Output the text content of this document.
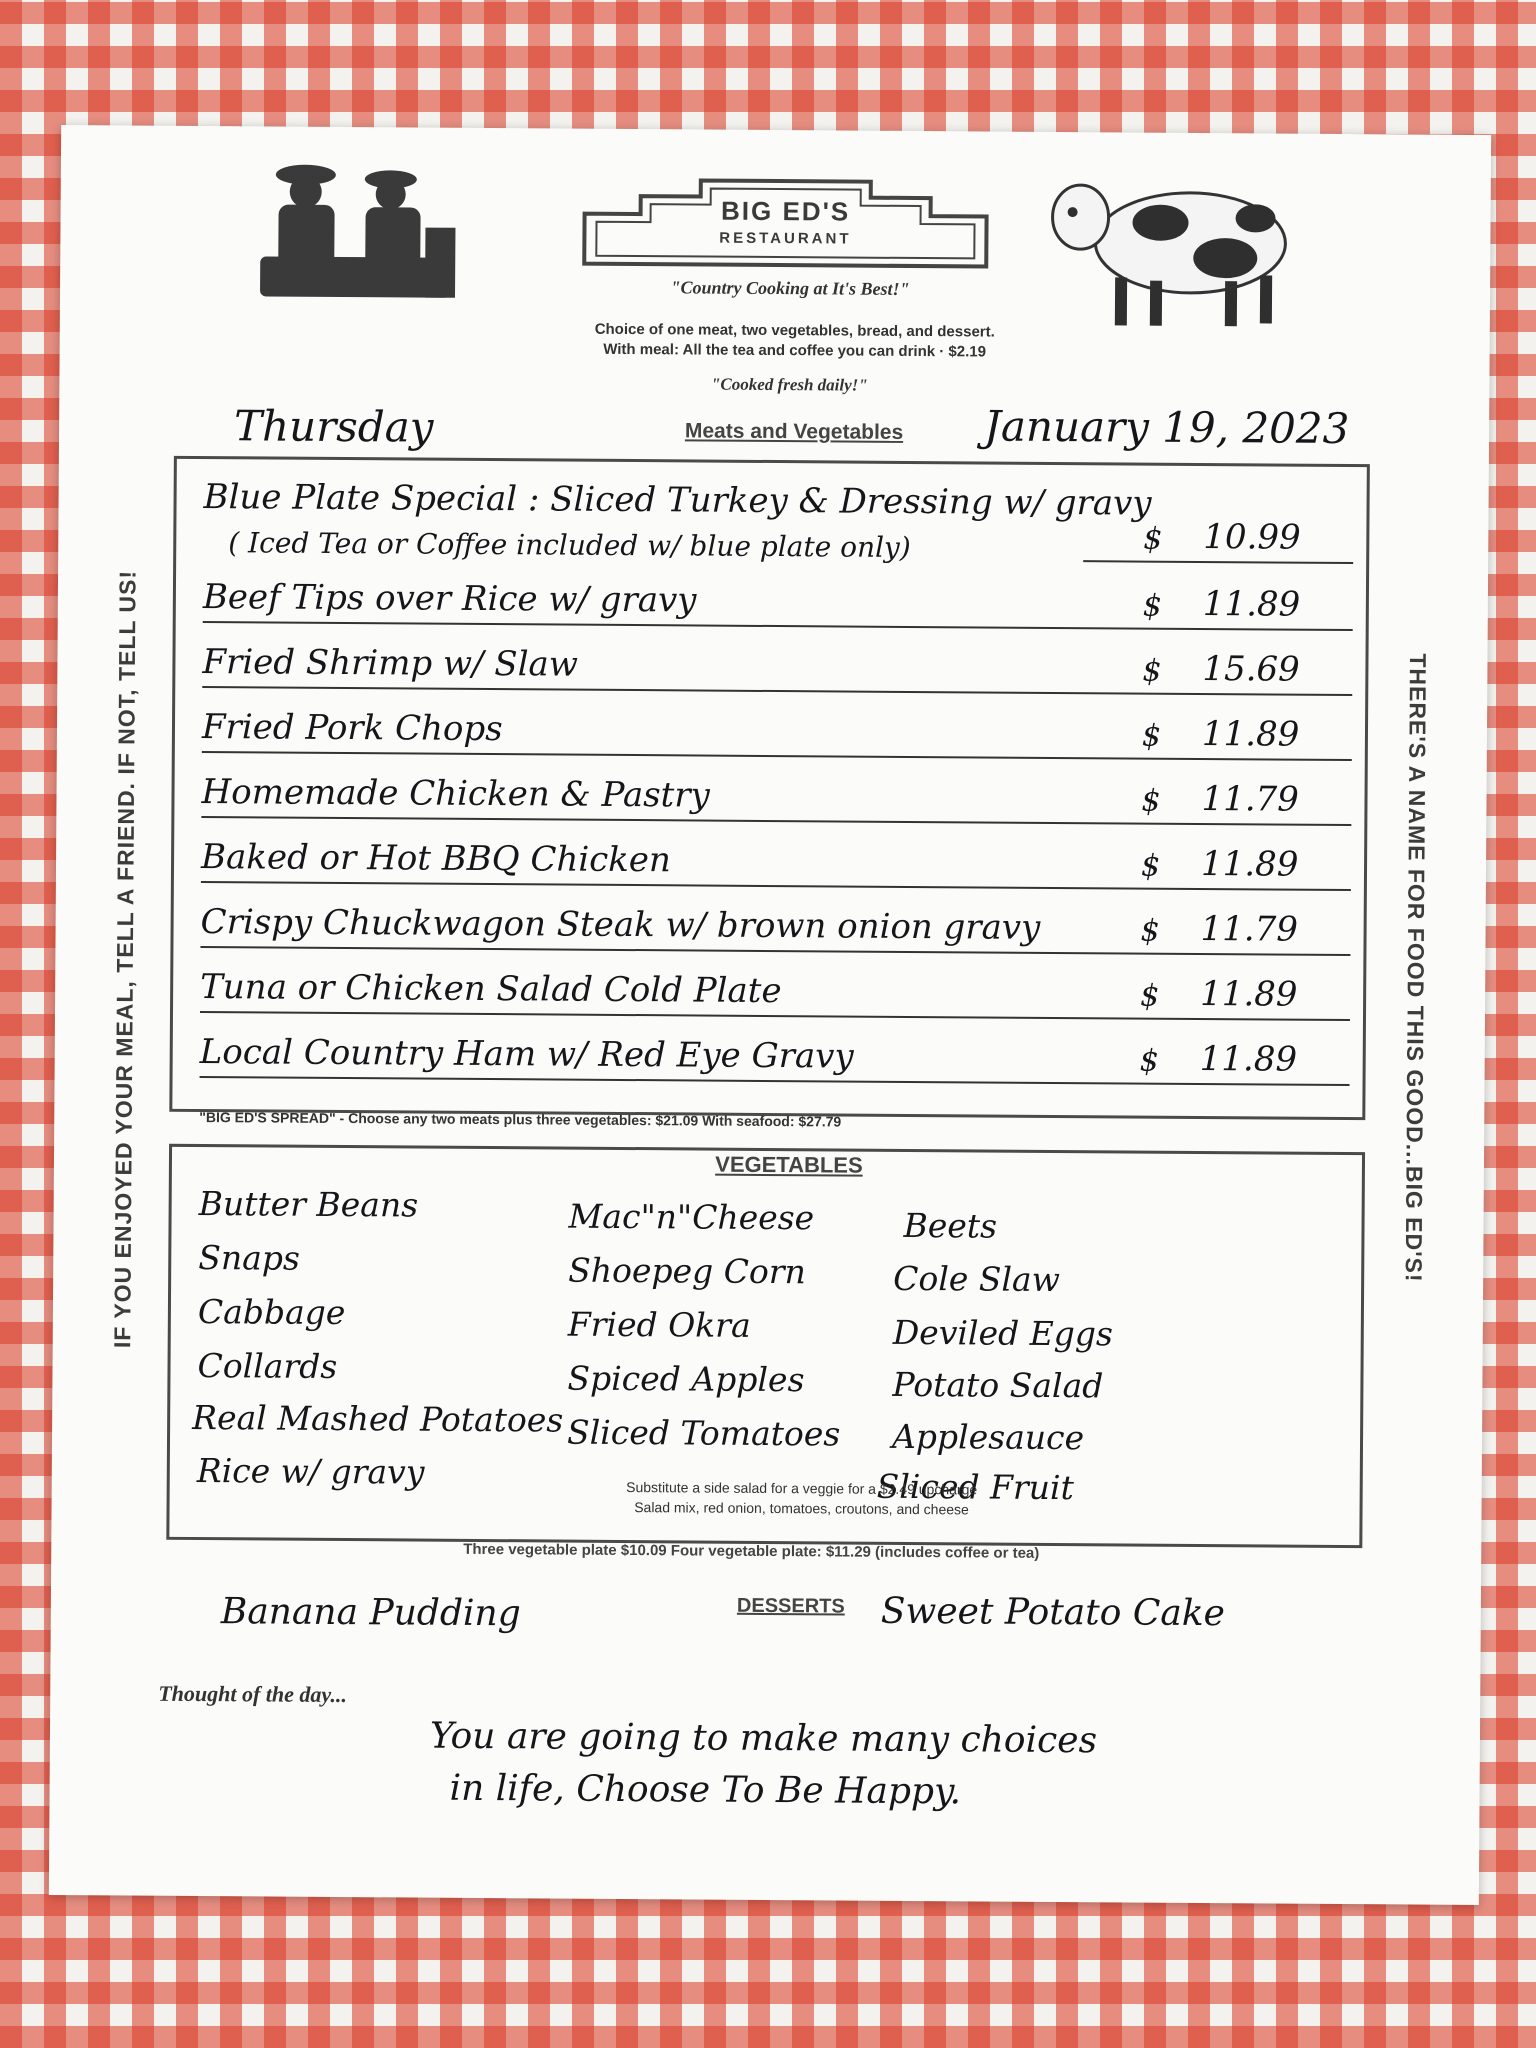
BIG ED'S
RESTAURANT
"Country Cooking at It's Best!"
Choice of one meat, two vegetables, bread, and dessert.
With meal: All the tea and coffee you can drink · $2.19
"Cooked fresh daily!"
Thursday	Meats and Vegetables	January 19, 2023
Blue Plate Special : Sliced Turkey & Dressing w/ gravy
( Iced Tea or Coffee included w/ blue plate only)	$ 10.99
Beef Tips over Rice w/ gravy	$ 11.89
Fried Shrimp w/ Slaw	$ 15.69
Fried Pork Chops	$ 11.89
Homemade Chicken & Pastry	$ 11.79
Baked or Hot BBQ Chicken	$ 11.89
Crispy Chuckwagon Steak w/ brown onion gravy	$ 11.79
Tuna or Chicken Salad Cold Plate	$ 11.89
Local Country Ham w/ Red Eye Gravy	$ 11.89
"BIG ED'S SPREAD" - Choose any two meats plus three vegetables: $21.09 With seafood: $27.79
VEGETABLES
Butter Beans
Snaps
Cabbage
Collards
Real Mashed Potatoes
Rice w/ gravy
Mac"n"Cheese
Shoepeg Corn
Fried Okra
Spiced Apples
Sliced Tomatoes
Beets
Cole Slaw
Deviled Eggs
Potato Salad
Applesauce
Sliced Fruit
Substitute a side salad for a veggie for a $2.49 upcharge
Salad mix, red onion, tomatoes, croutons, and cheese
Three vegetable plate $10.09 Four vegetable plate: $11.29 (includes coffee or tea)
Banana Pudding	DESSERTS Sweet Potato Cake
Thought of the day...
You are going to make many choices
in life, Choose To Be Happy.
IF YOU ENJOYED YOUR MEAL, TELL A FRIEND. IF NOT, TELL US!	THERE'S A NAME FOR FOOD THIS GOOD...BIG ED'S!
